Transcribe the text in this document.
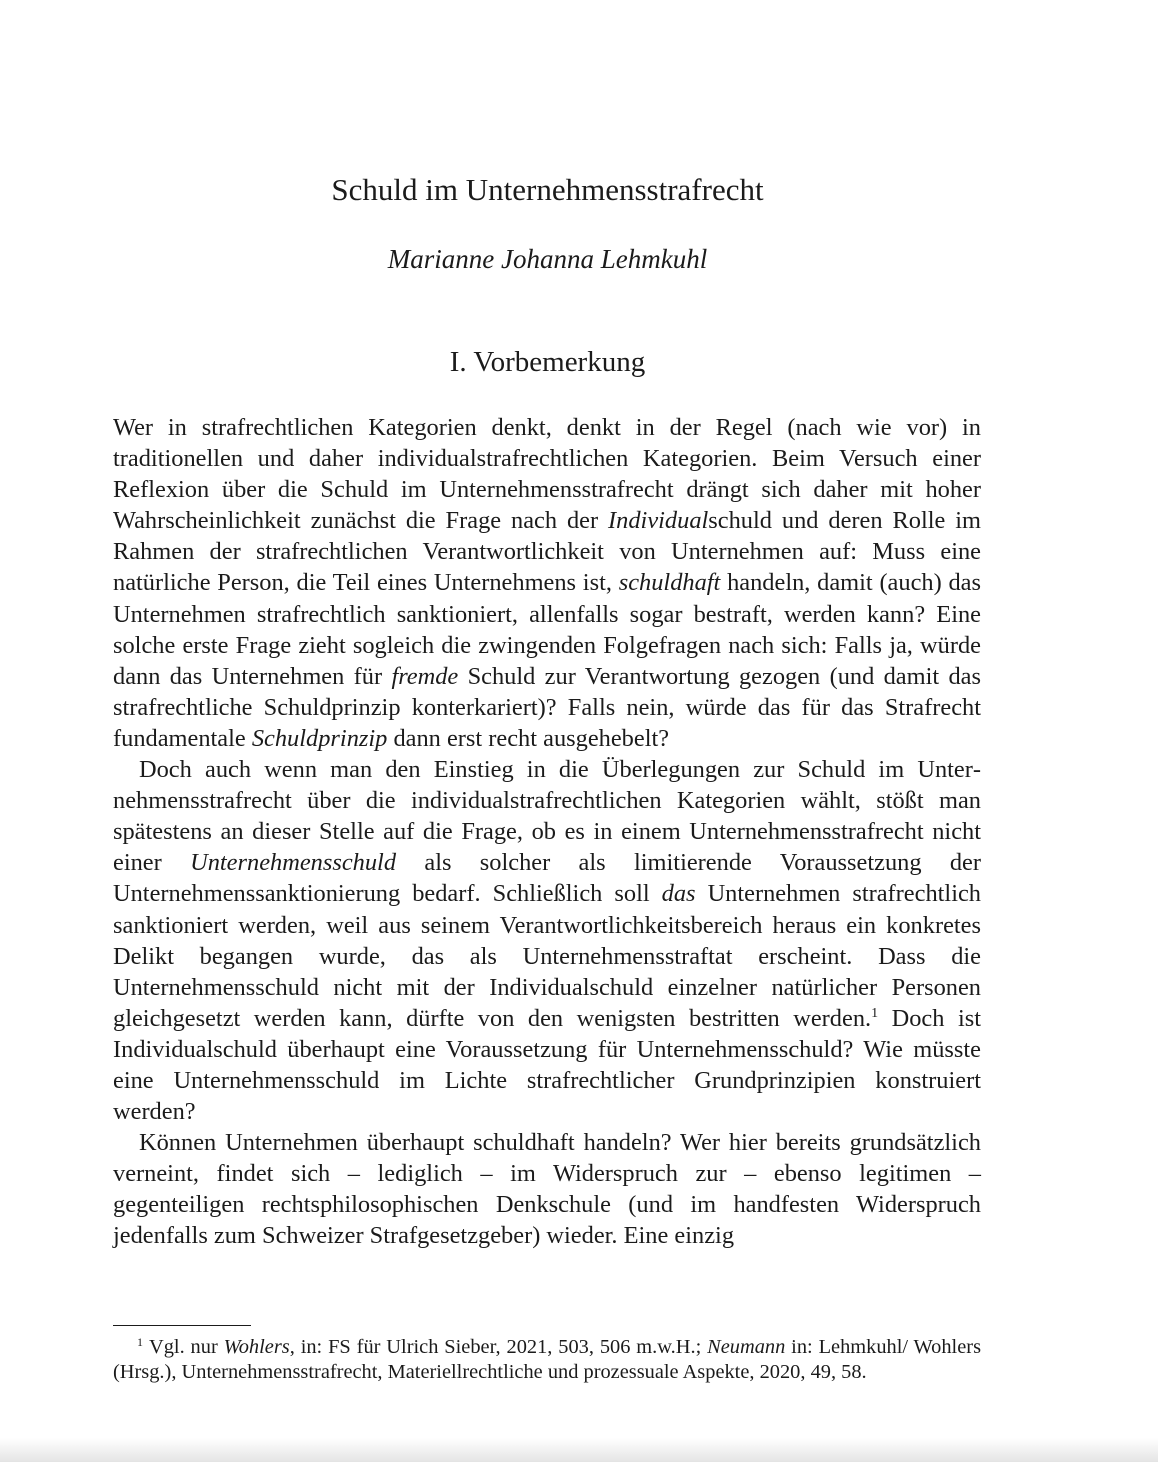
Schuld im Unternehmensstrafrecht
Marianne Johanna Lehmkuhl
I. Vorbemerkung

Wer in strafrechtlichen Kategorien denkt, denkt in der Regel (nach wie vor) in traditionellen und daher individualstrafrechtlichen Kategorien. Beim Versuch einer Reflexion über die Schuld im Unternehmensstrafrecht drängt sich daher mit hoher Wahrscheinlichkeit zunächst die Frage nach der Individualschuld und deren Rolle im Rahmen der strafrechtlichen Verantwortlichkeit von Unternehmen auf: Muss eine natürliche Person, die Teil eines Unternehmens ist, schuldhaft handeln, damit (auch) das Unternehmen strafrechtlich sanktioniert, allenfalls sogar bestraft, werden kann? Eine solche erste Frage zieht sogleich die zwingenden Folgefragen nach sich: Falls ja, würde dann das Unternehmen für fremde Schuld zur Verantwortung gezogen (und damit das strafrechtliche Schuldprinzip konterkariert)? Falls nein, würde das für das Strafrecht fundamentale Schuldprinzip dann erst recht ausgehebelt?

Doch auch wenn man den Einstieg in die Überlegungen zur Schuld im Unternehmensstrafrecht über die individualstrafrechtlichen Kategorien wählt, stößt man spätestens an dieser Stelle auf die Frage, ob es in einem Unternehmensstrafrecht nicht einer Unternehmensschuld als solcher als limitierende Voraussetzung der Unternehmenssanktionierung bedarf. Schließlich soll das Unternehmen strafrechtlich sanktioniert werden, weil aus seinem Verantwortlichkeitsbereich heraus ein konkretes Delikt begangen wurde, das als Unternehmensstraftat erscheint. Dass die Unternehmensschuld nicht mit der Individualschuld einzelner natürlicher Personen gleichgesetzt werden kann, dürfte von den wenigsten bestritten werden.$^1$ Doch ist Individualschuld überhaupt eine Voraussetzung für Unternehmensschuld? Wie müsste eine Unternehmensschuld im Lichte strafrechtlicher Grundprinzipien konstruiert werden?

Können Unternehmen überhaupt schuldhaft handeln? Wer hier bereits grundsätzlich verneint, findet sich – lediglich – im Widerspruch zur – ebenso legitimen – gegenteiligen rechtsphilosophischen Denkschule (und im handfesten Widerspruch jedenfalls zum Schweizer Strafgesetzgeber) wieder. Eine einzig

$^1$ Vgl. nur Wohlers, in: FS für Ulrich Sieber, 2021, 503, 506 m.w.H.; Neumann in: Lehmkuhl/ Wohlers (Hrsg.), Unternehmensstrafrecht, Materiellrechtliche und prozessuale Aspekte, 2020, 49, 58.
